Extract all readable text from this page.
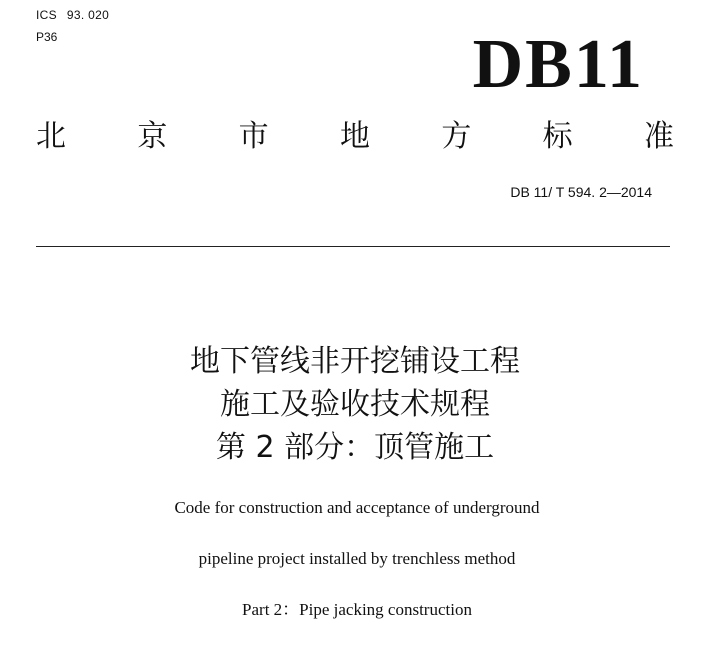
ICS 93. 020
P36	DB11
北 京 市 地 方 标 准
DB 11/ T 594. 2—2014
地下管线非开挖铺设工程
施工及验收技术规程
第 2 部分：顶管施工
Code for construction and acceptance of underground
pipeline project installed by trenchless method
Part 2：Pipe jacking construction
